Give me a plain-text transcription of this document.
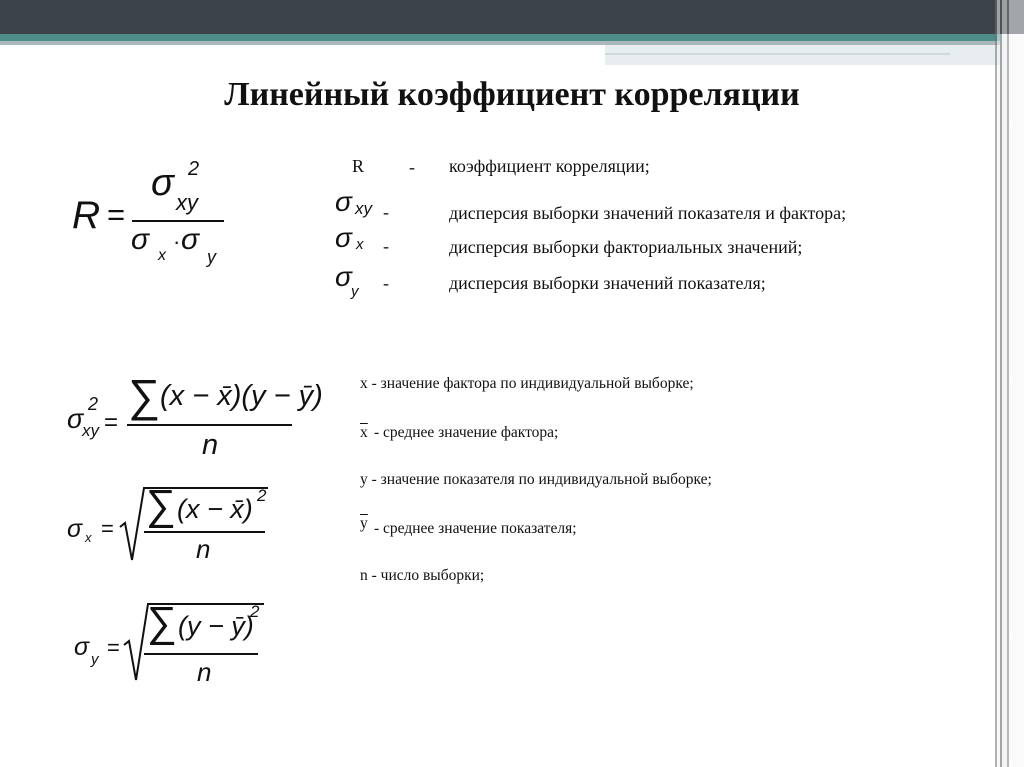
Линейный коэффициент корреляции
R =
σ 2
xy
σ x
· σ
y
R - коэффициент корреляции;
σ xy -	дисперсия выборки значений показателя и фактора;
σ x -	дисперсия выборки факториальных значений;
σ y -	дисперсия выборки значений показателя;
σ 2
xy =
∑ (x − x̄)(y − ȳ)
n
σ x =
∑ (x − x̄) 2
n
σ y =
∑ (y − ȳ)
2
n
x - значение фактора по индивидуальной выборке;
$\overline{x}$ - среднее значение фактора;
y - значение показателя по индивидуальной выборке;
$\overline{y}$ - среднее значение показателя;
n - число выборки;
